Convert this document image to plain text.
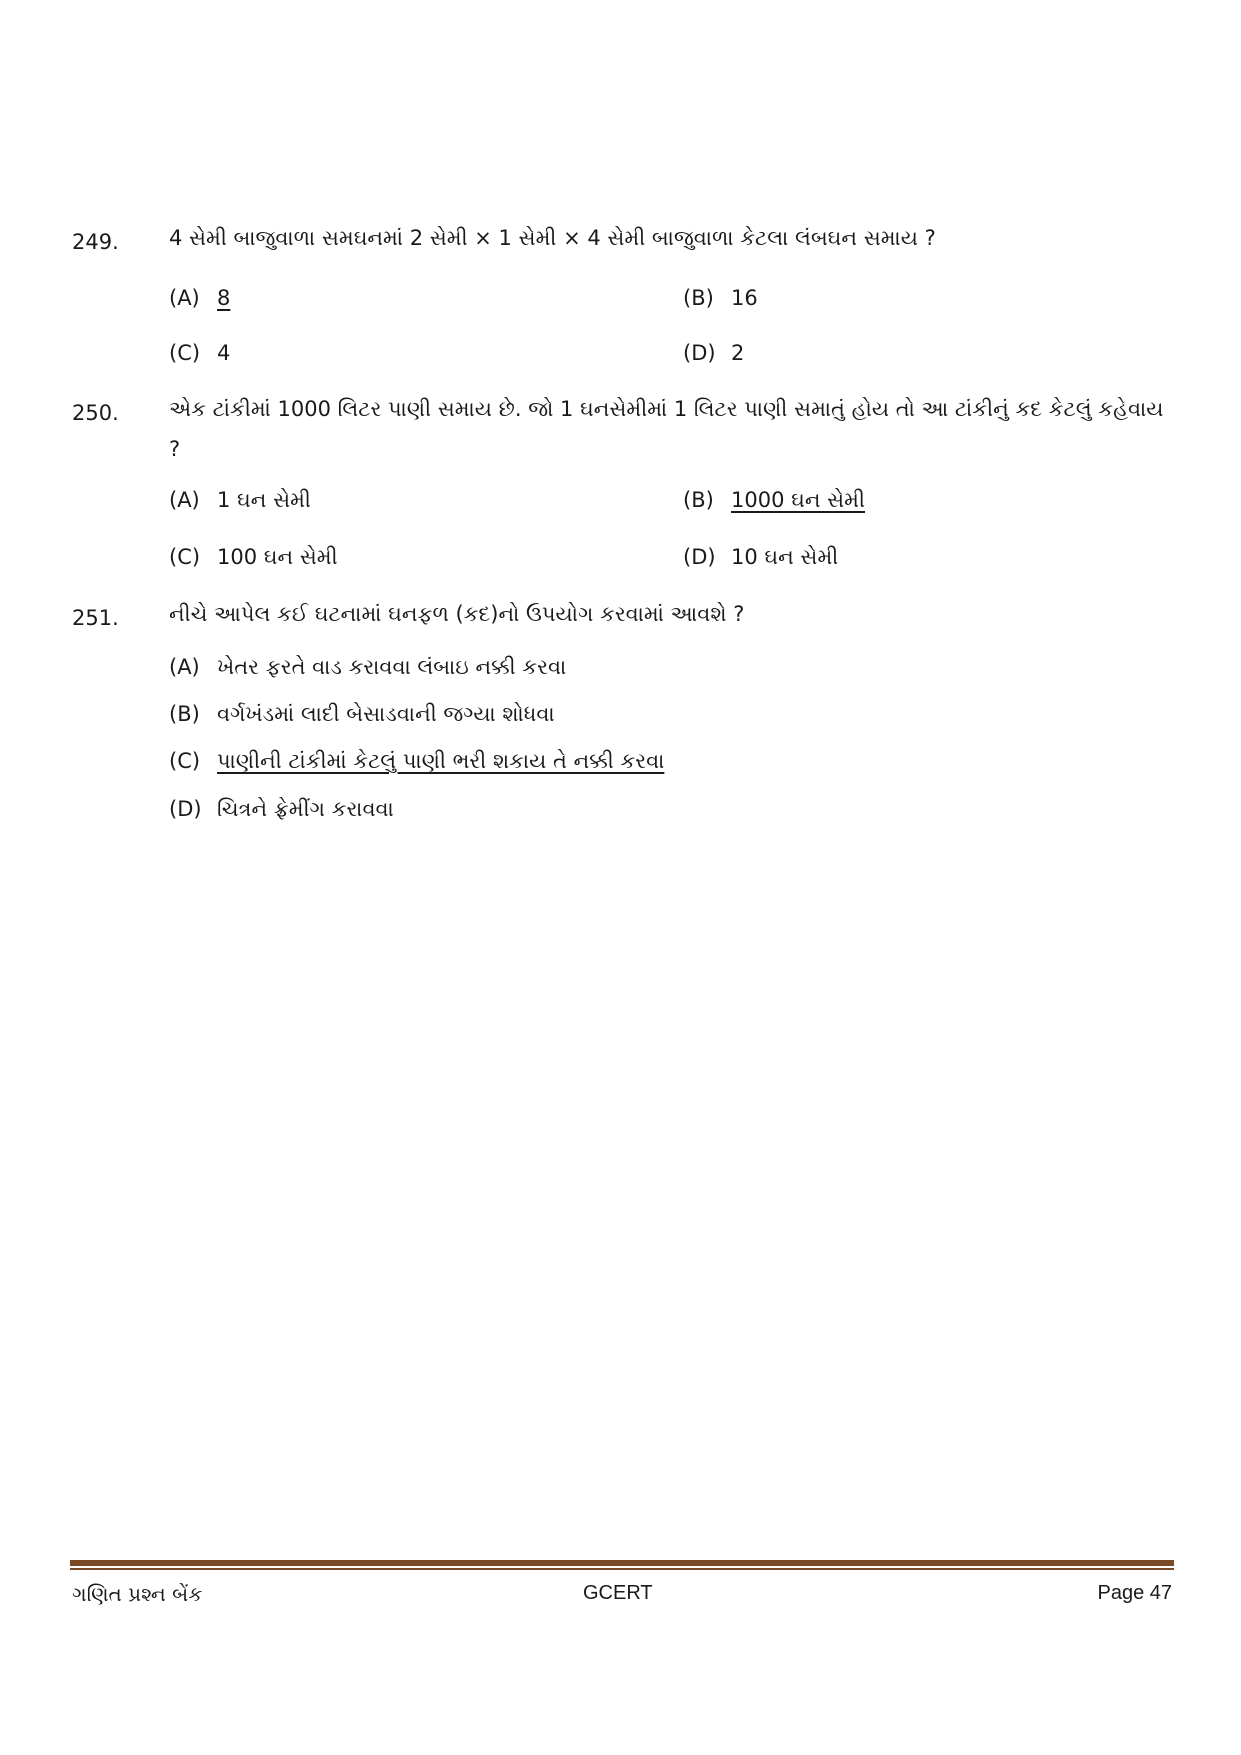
249. 4 સેમી બાજુવાળા સમઘનમાં 2 સેમી × 1 સેમી × 4 સેમી બાજુવાળા કેટલા લંબઘન સમાય ?
(A) 8	(B) 16
(C) 4	(D) 2
250. એક ટાંકીમાં 1000 લિટર પાણી સમાય છે. જો 1 ઘનસેમીમાં 1 લિટર પાણી સમાતું હોય તો આ ટાંકીનું કદ કેટલું કહેવાય ?
(A) 1 ઘન સેમી	(B) 1000 ઘન સેમી
(C) 100 ઘન સેમી	(D) 10 ઘન સેમી
251. નીચે આપેલ કઈ ઘટનામાં ઘનફળ (કદ)નો ઉપયોગ કરવામાં આવશે ?
(A) ખેતર ફરતે વાડ કરાવવા લંબાઇ નક્કી કરવા
(B) વર્ગખંડમાં લાદી બેસાડવાની જગ્યા શોધવા
(C) પાણીની ટાંકીમાં કેટલું પાણી ભરી શકાય તે નક્કી કરવા
(D) ચિત્રને ફ્રેમીંગ કરાવવા
ગણિત પ્રશ્ન બેંક	GCERT	Page 47
